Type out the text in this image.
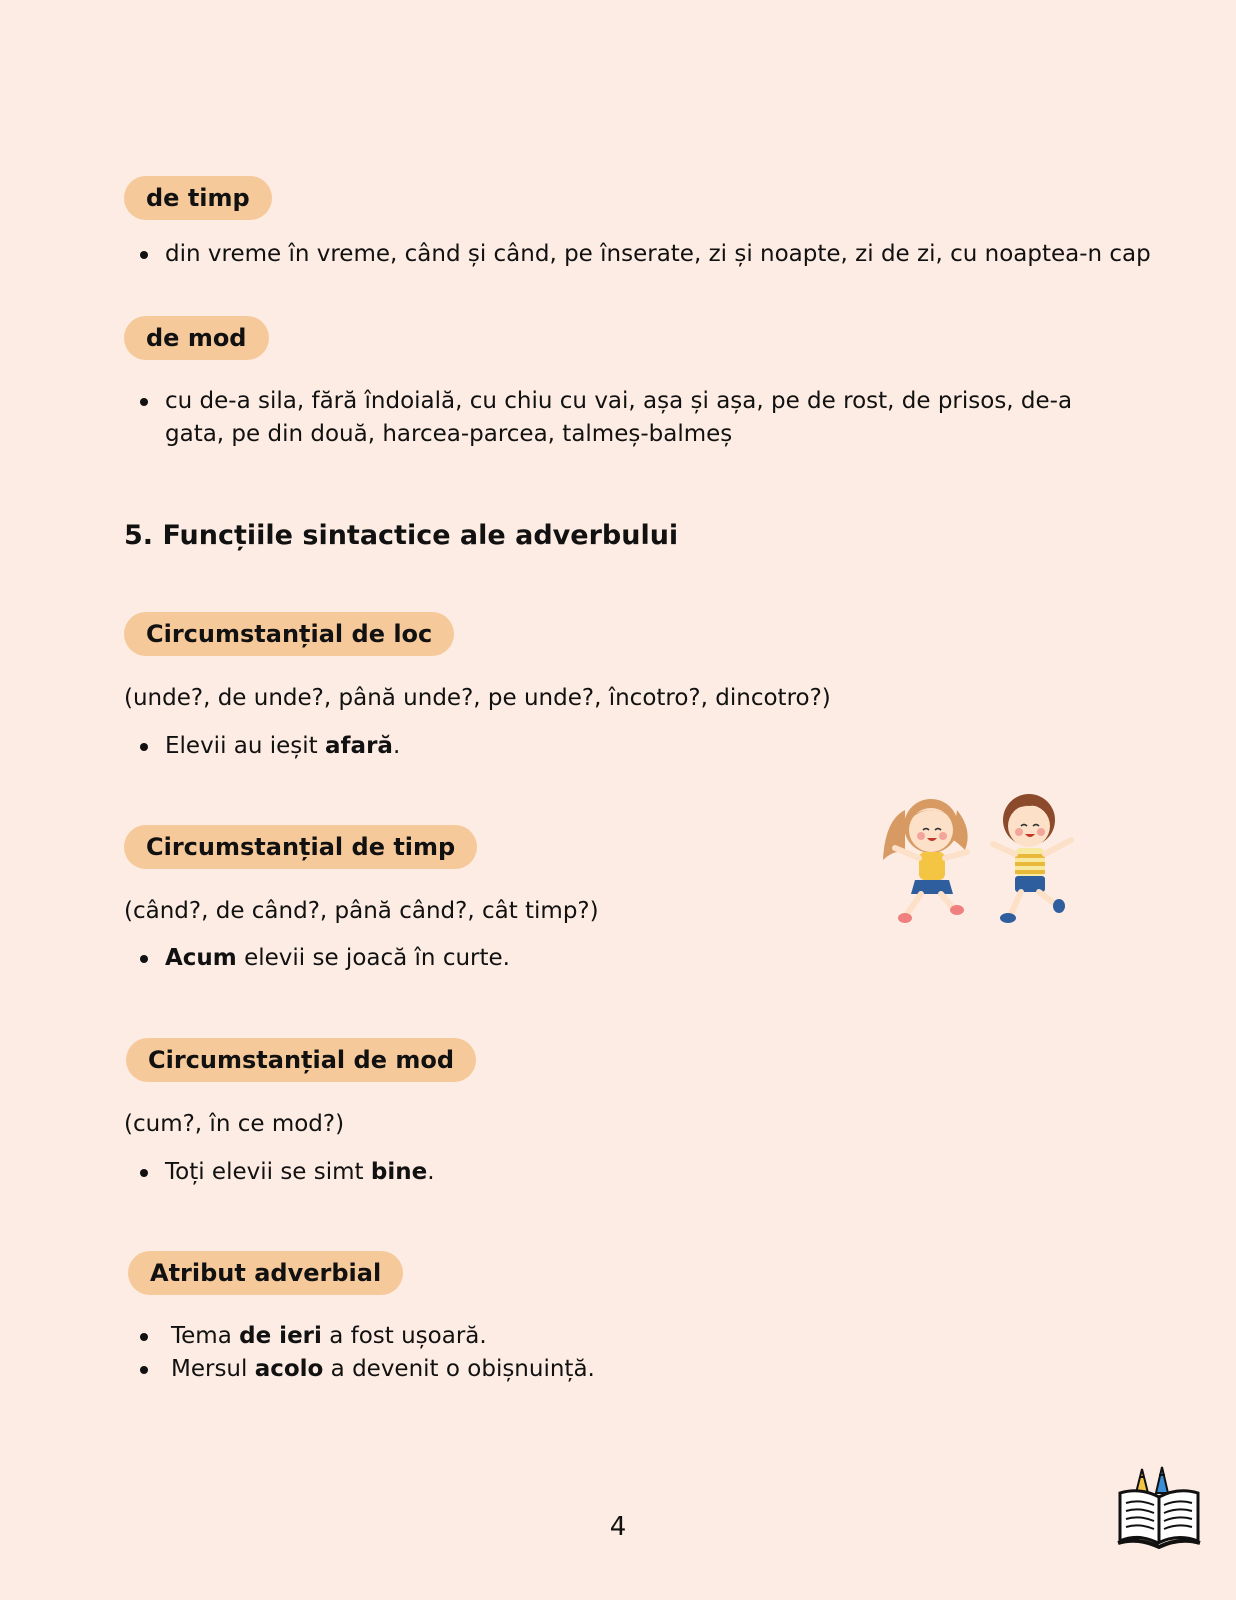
de timp
din vreme în vreme, când și când, pe înserate, zi și noapte, zi de zi, cu noaptea-n cap
de mod
cu de-a sila, fără îndoială, cu chiu cu vai, așa și așa, pe de rost, de prisos, de-a gata, pe din două, harcea-parcea, talmeș-balmeș
5. Funcțiile sintactice ale adverbului
Circumstanțial de loc
(unde?, de unde?, până unde?, pe unde?, încotro?, dincotro?)
Elevii au ieșit afară.
Circumstanțial de timp
(când?, de când?, până când?, cât timp?)
Acum elevii se joacă în curte.
Circumstanțial de mod
(cum?, în ce mod?)
Toți elevii se simt bine.
Atribut adverbial
Tema de ieri a fost ușoară.
Mersul acolo a devenit o obișnuință.
4
